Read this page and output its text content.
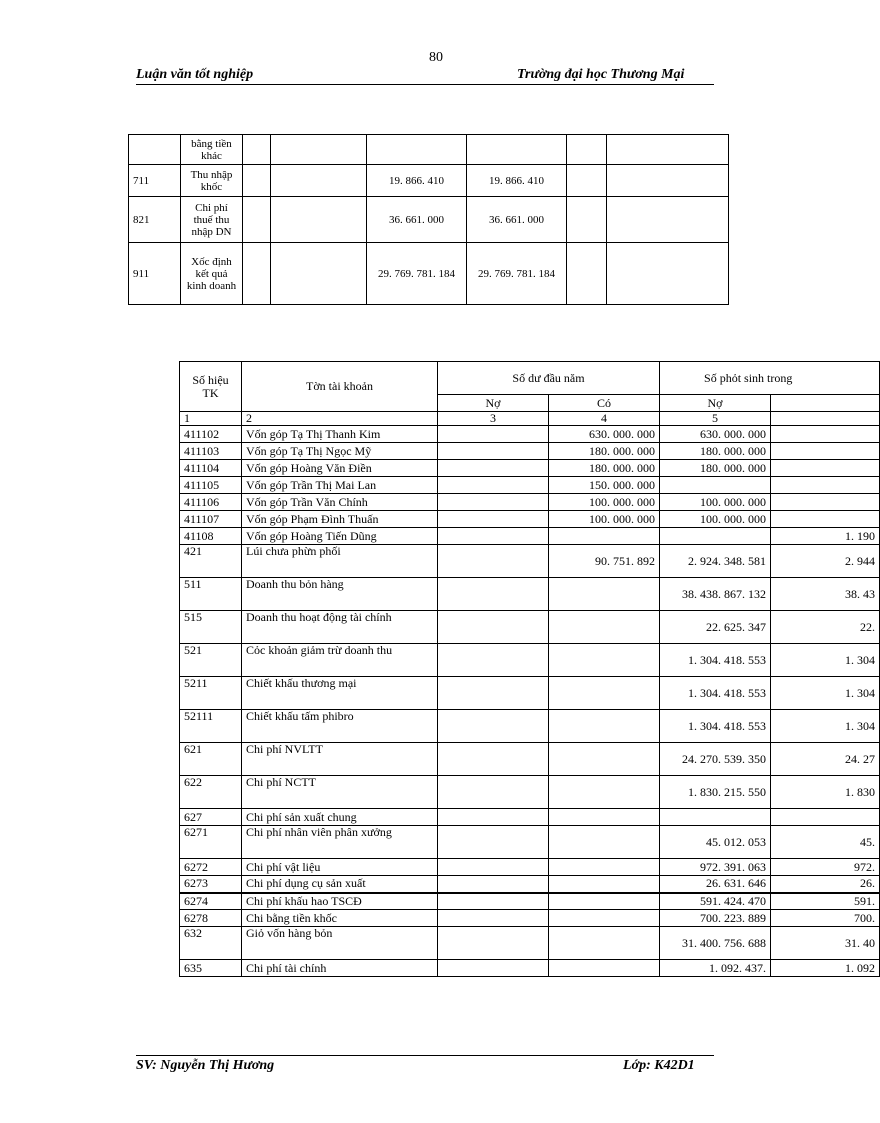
80
Luận văn tốt nghiệp	Trường đại học Thương Mại
	bằng tiền khác						
711	Thu nhập khốc			19. 866. 410	19. 866. 410		
821	Chi phí thuế thu nhập DN			36. 661. 000	36. 661. 000		
911	Xốc định kết quả kinh doanh			29. 769. 781. 184	29. 769. 781. 184		
Số hiệu TK	Tờn tài khoản	Số dư đầu năm		Số phỏt sinh trong	
		Nợ	Có	Nợ	
1	2	3	4	5	
411102	Vốn góp Tạ Thị Thanh Kim		630. 000. 000	630. 000. 000	
411103	Vốn góp Tạ Thị Ngọc Mỹ		180. 000. 000	180. 000. 000	
411104	Vốn góp Hoàng Văn Điền		180. 000. 000	180. 000. 000	
411105	Vốn góp Trần Thị Mai Lan		150. 000. 000		
411106	Vốn góp Trần Văn Chính		100. 000. 000	100. 000. 000	
411107	Vốn góp Phạm Đình Thuấn		100. 000. 000	100. 000. 000	
41108	Vốn góp Hoàng Tiến Dũng				1. 190
421	Lúi chưa phừn phối		90. 751. 892	2. 924. 348. 581	2. 944
511	Doanh thu bỏn hàng			38. 438. 867. 132	38. 43
515	Doanh thu hoạt động tài chính			22. 625. 347	22.
521	Cỏc khoản giảm trừ doanh thu			1. 304. 418. 553	1. 304
5211	Chiết khấu thương mại			1. 304. 418. 553	1. 304
52111	Chiết khấu tấm phibro			1. 304. 418. 553	1. 304
621	Chi phí NVLTT			24. 270. 539. 350	24. 27
622	Chi phí NCTT			1. 830. 215. 550	1. 830
627	Chi phí sản xuất chung				
6271	Chi phí nhân viên phân xưởng			45. 012. 053	45.
6272	Chi phí vật liệu			972. 391. 063	972.
6273	Chi phí dụng cụ sản xuất			26. 631. 646	26.
6274	Chi phí khấu hao TSCĐ			591. 424. 470	591.
6278	Chi bằng tiền khốc			700. 223. 889	700.
632	Giỏ vốn hàng bỏn			31. 400. 756. 688	31. 40
635	Chi phí tài chính			1. 092. 437.	1. 092
SV: Nguyễn Thị Hương	Lớp: K42D1
